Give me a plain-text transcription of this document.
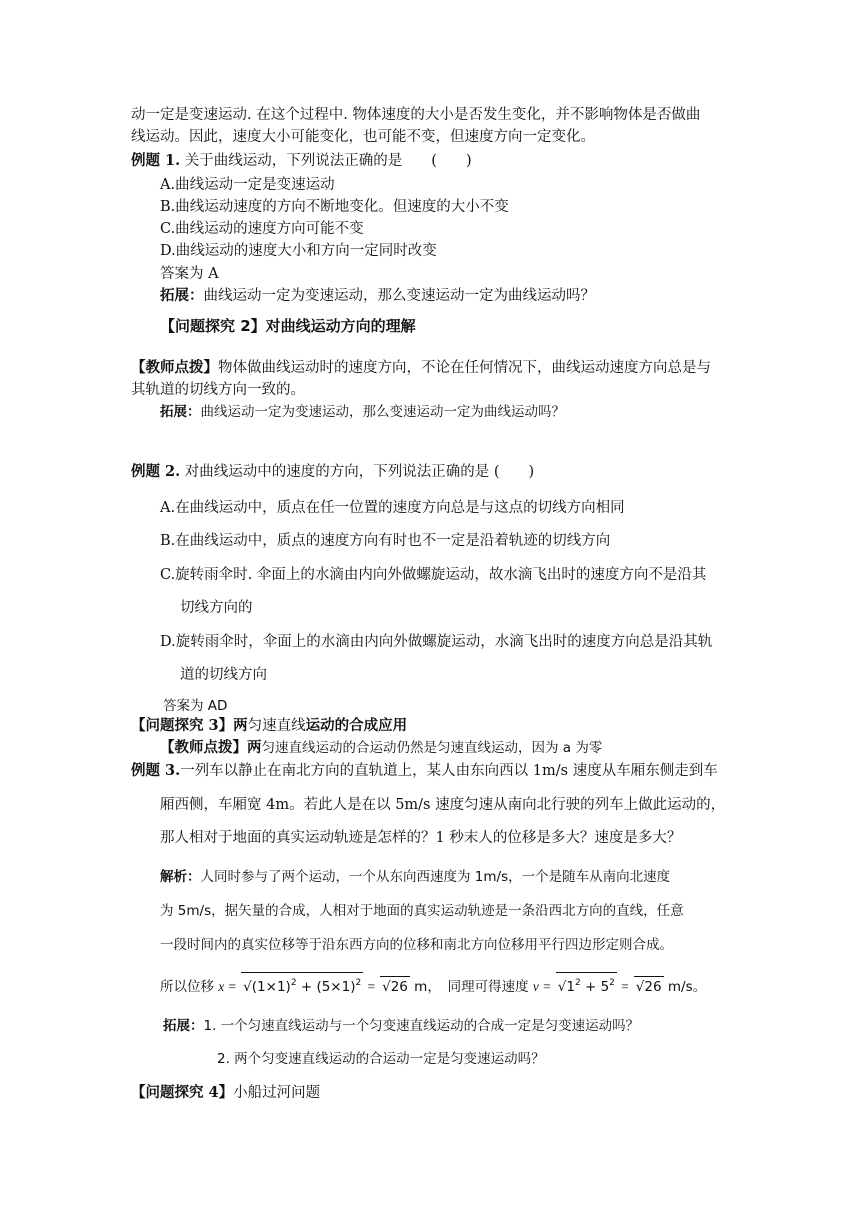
动一定是变速运动. 在这个过程中. 物体速度的大小是否发生变化，并不影响物体是否做曲
线运动。因此，速度大小可能变化，也可能不变，但速度方向一定变化。
例题 1. 关于曲线运动，下列说法正确的是　　(　　)
A.曲线运动一定是变速运动
B.曲线运动速度的方向不断地变化。但速度的大小不变
C.曲线运动的速度方向可能不变
D.曲线运动的速度大小和方向一定同时改变
答案为 A
拓展：曲线运动一定为变速运动，那么变速运动一定为曲线运动吗？
【问题探究 2】对曲线运动方向的理解
【教师点拨】物体做曲线运动时的速度方向，不论在任何情况下，曲线运动速度方向总是与
其轨道的切线方向一致的。
拓展：曲线运动一定为变速运动，那么变速运动一定为曲线运动吗？
例题 2. 对曲线运动中的速度的方向，下列说法正确的是 (　　)
A.在曲线运动中，质点在任一位置的速度方向总是与这点的切线方向相同
B.在曲线运动中，质点的速度方向有时也不一定是沿着轨迹的切线方向
C.旋转雨伞时. 伞面上的水滴由内向外做螺旋运动，故水滴飞出时的速度方向不是沿其
切线方向的
D.旋转雨伞时，伞面上的水滴由内向外做螺旋运动，水滴飞出时的速度方向总是沿其轨
道的切线方向
答案为 AD
【问题探究 3】两匀速直线运动的合成应用
【教师点拨】两匀速直线运动的合运动仍然是匀速直线运动，因为 a 为零
例题 3.一列车以静止在南北方向的直轨道上，某人由东向西以 1m/s 速度从车厢东侧走到车
厢西侧，车厢宽 4m。若此人是在以 5m/s 速度匀速从南向北行驶的列车上做此运动的，
那人相对于地面的真实运动轨迹是怎样的？1 秒末人的位移是多大？速度是多大？
解析：人同时参与了两个运动，一个从东向西速度为 1m/s，一个是随车从南向北速度
为 5m/s，据矢量的合成，人相对于地面的真实运动轨迹是一条沿西北方向的直线，任意
一段时间内的真实位移等于沿东西方向的位移和南北方向位移用平行四边形定则合成。
所以位移 $x = √(1\times 1)^2 + (5\times 1)^2 = √26$ m，　同理可得速度 $v = √1^2 + 5^2 = √26$ m/s。
拓展：1. 一个匀速直线运动与一个匀变速直线运动的合成一定是匀变速运动吗？
2. 两个匀变速直线运动的合运动一定是匀变速运动吗？
【问题探究 4】小船过河问题
